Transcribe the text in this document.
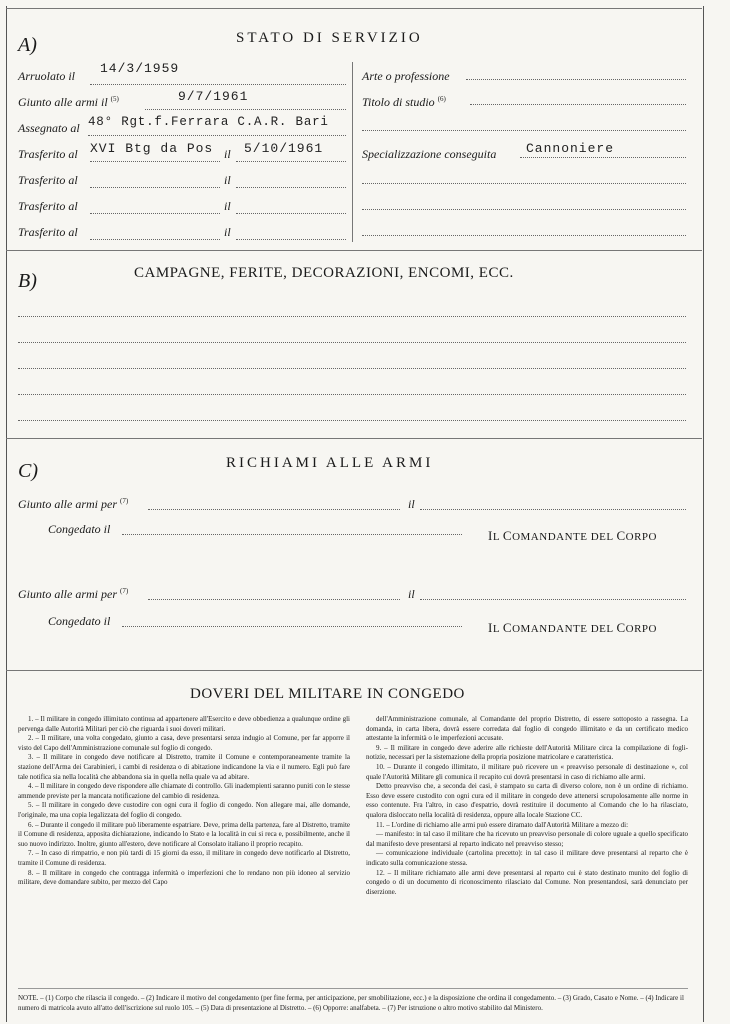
A)	STATO DI SERVIZIO
Arruolato il 14/3/1959
Giunto alle armi il $^{(5)}$	9/7/1961
Assegnato al 48° Rgt.f.Ferrara C.A.R. Bari
Trasferito al XVI Btg da Pos il 5/10/1961
Trasferito al	il
Trasferito al	il
Trasferito al	il
Arte o professione
Titolo di studio $^{(6)}$
Specializzazione conseguita Cannoniere
B)	CAMPAGNE, FERITE, DECORAZIONI, ENCOMI, ECC.
C)	RICHIAMI ALLE ARMI
Giunto alle armi per $^{(7)}$	il
Congedato il	IL COMANDANTE DEL CORPO
Giunto alle armi per $^{(7)}$	il
Congedato il	IL COMANDANTE DEL CORPO
DOVERI DEL MILITARE IN CONGEDO

1. – Il militare in congedo illimitato continua ad appartenere all'Esercito e deve obbedienza a qualunque ordine gli pervenga dalle Autorità Militari per ciò che riguarda i suoi doveri militari.

2. – Il militare, una volta congedato, giunto a casa, deve presentarsi senza indugio al Comune, per far apporre il visto del Capo dell'Amministrazione comunale sul foglio di congedo.

3. – Il militare in congedo deve notificare al Distretto, tramite il Comune e contemporaneamente tramite la stazione dell'Arma dei Carabinieri, i cambi di residenza o di abitazione indicandone la via e il numero. Egli può fare tale notifica sia nella località che abbandona sia in quella nella quale va ad abitare.

4. – Il militare in congedo deve rispondere alle chiamate di controllo. Gli inadempienti saranno puniti con le stesse ammende previste per la mancata notificazione del cambio di residenza.

5. – Il militare in congedo deve custodire con ogni cura il foglio di congedo. Non allegare mai, alle domande, l'originale, ma una copia legalizzata del foglio di congedo.

6. – Durante il congedo il militare può liberamente espatriare. Deve, prima della partenza, fare al Distretto, tramite il Comune di residenza, apposita dichiarazione, indicando lo Stato e la località in cui si reca e, possibilmente, anche il suo nuovo indirizzo. Inoltre, giunto all'estero, deve notificare al Consolato italiano il proprio recapito.

7. – In caso di rimpatrio, e non più tardi di 15 giorni da esso, il militare in congedo deve notificarlo al Distretto, tramite il Comune di residenza.

8. – Il militare in congedo che contragga infermità o imperfezioni che lo rendano non più idoneo al servizio militare, deve domandare subito, per mezzo del Capo

dell'Amministrazione comunale, al Comandante del proprio Distretto, di essere sottoposto a rassegna. La domanda, in carta libera, dovrà essere corredata dal foglio di congedo illimitato e da un certificato medico attestante la infermità o le imperfezioni accusate.

9. – Il militare in congedo deve aderire alle richieste dell'Autorità Militare circa la compilazione di fogli-notizie, necessari per la sistemazione della propria posizione matricolare e caratteristica.

10. – Durante il congedo illimitato, il militare può ricevere un « preavviso personale di destinazione », col quale l'Autorità Militare gli comunica il recapito cui dovrà presentarsi in caso di richiamo alle armi.

Detto preavviso che, a seconda dei casi, è stampato su carta di diverso colore, non è un ordine di richiamo. Esso deve essere custodito con ogni cura ed il militare in congedo deve attenersi scrupolosamente alle norme in esso contenute. Fra l'altro, in caso d'espatrio, dovrà restituire il documento al Comando che lo ha rilasciato, qualora disloccato nella località di residenza, oppure alla locale Stazione CC.

11. – L'ordine di richiamo alle armi può essere diramato dall'Autorità Militare a mezzo di:

— manifesto: in tal caso il militare che ha ricevuto un preavviso personale di colore uguale a quello specificato dal manifesto deve presentarsi al reparto indicato nel preavviso stesso;

— comunicazione individuale (cartolina precetto): in tal caso il militare deve presentarsi al reparto che è indicato sulla comunicazione stessa.

12. – Il militare richiamato alle armi deve presentarsi al reparto cui è stato destinato munito del foglio di congedo o di un documento di riconoscimento rilasciato dal Comune. Non presentandosi, sarà denunciato per diserzione.

NOTE. – (1) Corpo che rilascia il congedo. – (2) Indicare il motivo del congedamento (per fine ferma, per anticipazione, per smobilitazione, ecc.) e la disposizione che ordina il congedamento. – (3) Grado, Casato e Nome. – (4) Indicare il numero di matricola avuto all'atto dell'iscrizione sul ruolo 105. – (5) Data di presentazione al Distretto. – (6) Opporre: analfabeta. – (7) Per istruzione o altro motivo stabilito dal Ministero.
